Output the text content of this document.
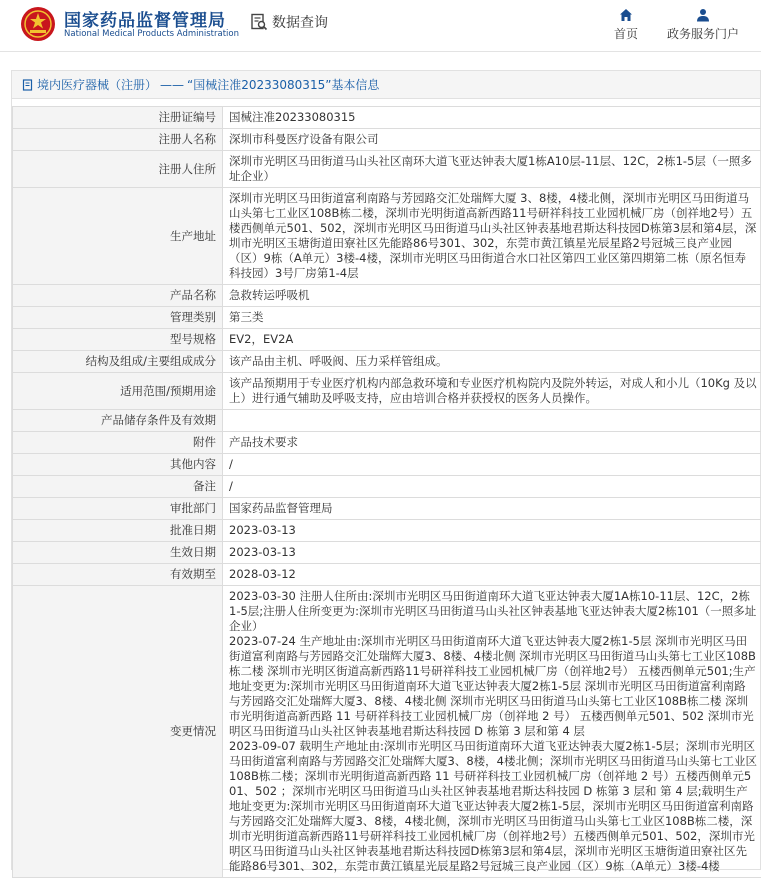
国家药品监督管理局
National Medical Products Administration
数据查询
首页	政务服务门户
境内医疗器械（注册） —— “国械注准20233080315”基本信息
注册证编号	国械注准20233080315
注册人名称	深圳市科曼医疗设备有限公司
注册人住所	深圳市光明区马田街道马山头社区南环大道飞亚达钟表大厦1栋A10层-11层、12C，2栋1-5层（一照多址企业）
生产地址	深圳市光明区马田街道富利南路与芳园路交汇处瑞辉大厦 3、8楼，4楼北侧，深圳市光明区马田街道马山头第七工业区108B栋二楼，深圳市光明街道高新西路11号研祥科技工业园机械厂房（创祥地2号）五楼西侧单元501、502，深圳市光明区马田街道马山头社区钟表基地君斯达科技园D栋第3层和第4层，深圳市光明区玉塘街道田寮社区先能路86号301、302，东莞市黄江镇星光辰星路2号冠城三良产业园（区）9栋（A单元）3楼-4楼，深圳市光明区马田街道合水口社区第四工业区第四期第二栋（原名恒寿科技园）3号厂房第1-4层
产品名称	急救转运呼吸机
管理类别	第三类
型号规格	EV2，EV2A
结构及组成/主要组成成分	该产品由主机、呼吸阀、压力采样管组成。
适用范围/预期用途	该产品预期用于专业医疗机构内部急救环境和专业医疗机构院内及院外转运，对成人和小儿（10Kg 及以上）进行通气辅助及呼吸支持，应由培训合格并获授权的医务人员操作。
产品储存条件及有效期	
附件	产品技术要求
其他内容	/
备注	/
审批部门	国家药品监督管理局
批准日期	2023-03-13
生效日期	2023-03-13
有效期至	2028-03-12
变更情况	2023-03-30 注册人住所由:深圳市光明区马田街道南环大道飞亚达钟表大厦1A栋10-11层、12C，2栋1-5层;注册人住所变更为:深圳市光明区马田街道马山头社区钟表基地飞亚达钟表大厦2栋101（一照多址企业）
2023-07-24 生产地址由:深圳市光明区马田街道南环大道飞亚达钟表大厦2栋1-5层 深圳市光明区马田街道富利南路与芳园路交汇处瑞辉大厦3、8楼、4楼北侧 深圳市光明区马田街道马山头第七工业区108B栋二楼 深圳市光明区街道高新西路11号研祥科技工业园机械厂房（创祥地2号） 五楼西侧单元501;生产地址变更为:深圳市光明区马田街道南环大道飞亚达钟表大厦2栋1-5层 深圳市光明区马田街道富利南路与芳园路交汇处瑞辉大厦3、8楼、4楼北侧 深圳市光明区马田街道马山头第七工业区108B栋二楼 深圳市光明街道高新西路 11 号研祥科技工业园机械厂房（创祥地 2 号） 五楼西侧单元501、502 深圳市光明区马田街道马山头社区钟表基地君斯达科技园 D 栋第 3 层和第 4 层
2023-09-07 载明生产地址由:深圳市光明区马田街道南环大道飞亚达钟表大厦2栋1-5层；深圳市光明区马田街道富利南路与芳园路交汇处瑞辉大厦3、8楼，4楼北侧；深圳市光明区马田街道马山头第七工业区108B栋二楼；深圳市光明街道高新西路 11 号研祥科技工业园机械厂房（创祥地 2 号）五楼西侧单元501、502 ；深圳市光明区马田街道马山头社区钟表基地君斯达科技园 D 栋第 3 层和 第 4 层;载明生产地址变更为:深圳市光明区马田街道南环大道飞亚达钟表大厦2栋1-5层，深圳市光明区马田街道富利南路与芳园路交汇处瑞辉大厦3、8楼，4楼北侧，深圳市光明区马田街道马山头第七工业区108B栋二楼，深圳市光明街道高新西路11号研祥科技工业园机械厂房（创祥地2号）五楼西侧单元501、502，深圳市光明区马田街道马山头社区钟表基地君斯达科技园D栋第3层和第4层，深圳市光明区玉塘街道田寮社区先能路86号301、302，东莞市黄江镇星光辰星路2号冠城三良产业园（区）9栋（A单元）3楼-4楼
